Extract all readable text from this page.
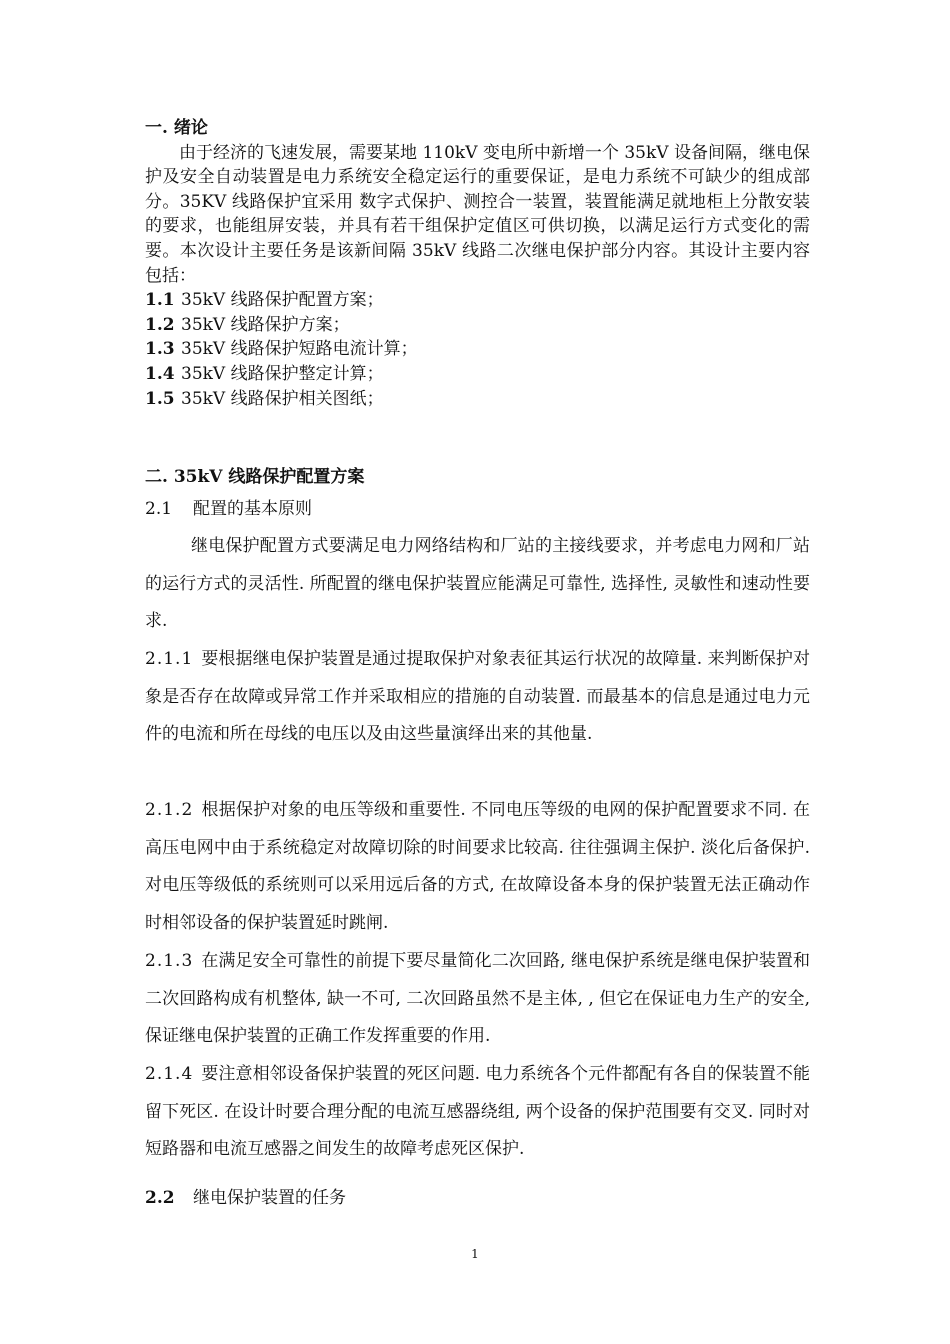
一. 绪论

由于经济的飞速发展，需要某地 110kV 变电所中新增一个 35kV 设备间隔，继电保护及安全自动装置是电力系统安全稳定运行的重要保证，是电力系统不可缺少的组成部分。35KV 线路保护宜采用 数字式保护、测控合一装置，装置能满足就地柜上分散安装的要求，也能组屏安装，并具有若干组保护定值区可供切换，以满足运行方式变化的需要。本次设计主要任务是该新间隔 35kV 线路二次继电保护部分内容。其设计主要内容包括：

1.1 35kV 线路保护配置方案；
1.2 35kV 线路保护方案；
1.3 35kV 线路保护短路电流计算；
1.4 35kV 线路保护整定计算；
1.5 35kV 线路保护相关图纸；
二. 35kV 线路保护配置方案
2.1 配置的基本原则
继电保护配置方式要满足电力网络结构和厂站的主接线要求，并考虑电力网和厂站的运行方式的灵活性. 所配置的继电保护装置应能满足可靠性, 选择性, 灵敏性和速动性要求.
2.1.1 要根据继电保护装置是通过提取保护对象表征其运行状况的故障量. 来判断保护对象是否存在故障或异常工作并采取相应的措施的自动装置. 而最基本的信息是通过电力元件的电流和所在母线的电压以及由这些量演绎出来的其他量.
2.1.2 根据保护对象的电压等级和重要性. 不同电压等级的电网的保护配置要求不同. 在高压电网中由于系统稳定对故障切除的时间要求比较高. 往往强调主保护. 淡化后备保护. 对电压等级低的系统则可以采用远后备的方式, 在故障设备本身的保护装置无法正确动作时相邻设备的保护装置延时跳闸.
2.1.3 在满足安全可靠性的前提下要尽量简化二次回路, 继电保护系统是继电保护装置和二次回路构成有机整体, 缺一不可, 二次回路虽然不是主体, , 但它在保证电力生产的安全, 保证继电保护装置的正确工作发挥重要的作用.
2.1.4 要注意相邻设备保护装置的死区问题. 电力系统各个元件都配有各自的保装置不能留下死区. 在设计时要合理分配的电流互感器绕组, 两个设备的保护范围要有交叉. 同时对短路器和电流互感器之间发生的故障考虑死区保护.
2.2 继电保护装置的任务
1
